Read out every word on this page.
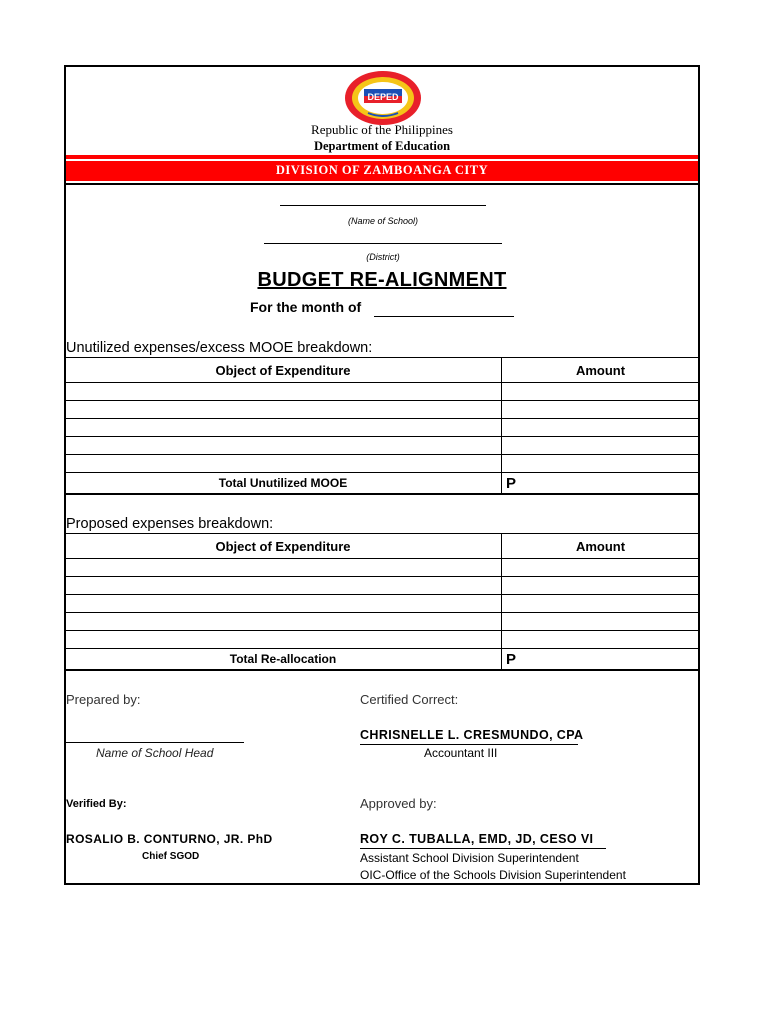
DEPED
Republic of the Philippines
Department of Education
DIVISION OF ZAMBOANGA CITY
(Name of School)
(District)
BUDGET RE-ALIGNMENT
For the month of
Unutilized expenses/excess MOOE breakdown:
Object of Expenditure	Amount

Total Unutilized MOOE	P
Proposed expenses breakdown:
Object of Expenditure	Amount

Total Re-allocation	P
Prepared by:
Name of School Head
Certified Correct:
CHRISNELLE L. CRESMUNDO, CPA
Accountant III
Verified By:
ROSALIO B. CONTURNO, JR. PhD
Chief SGOD
Approved by:
ROY C. TUBALLA, EMD, JD, CESO VI
Assistant School Division Superintendent
OIC-Office of the Schools Division Superintendent
